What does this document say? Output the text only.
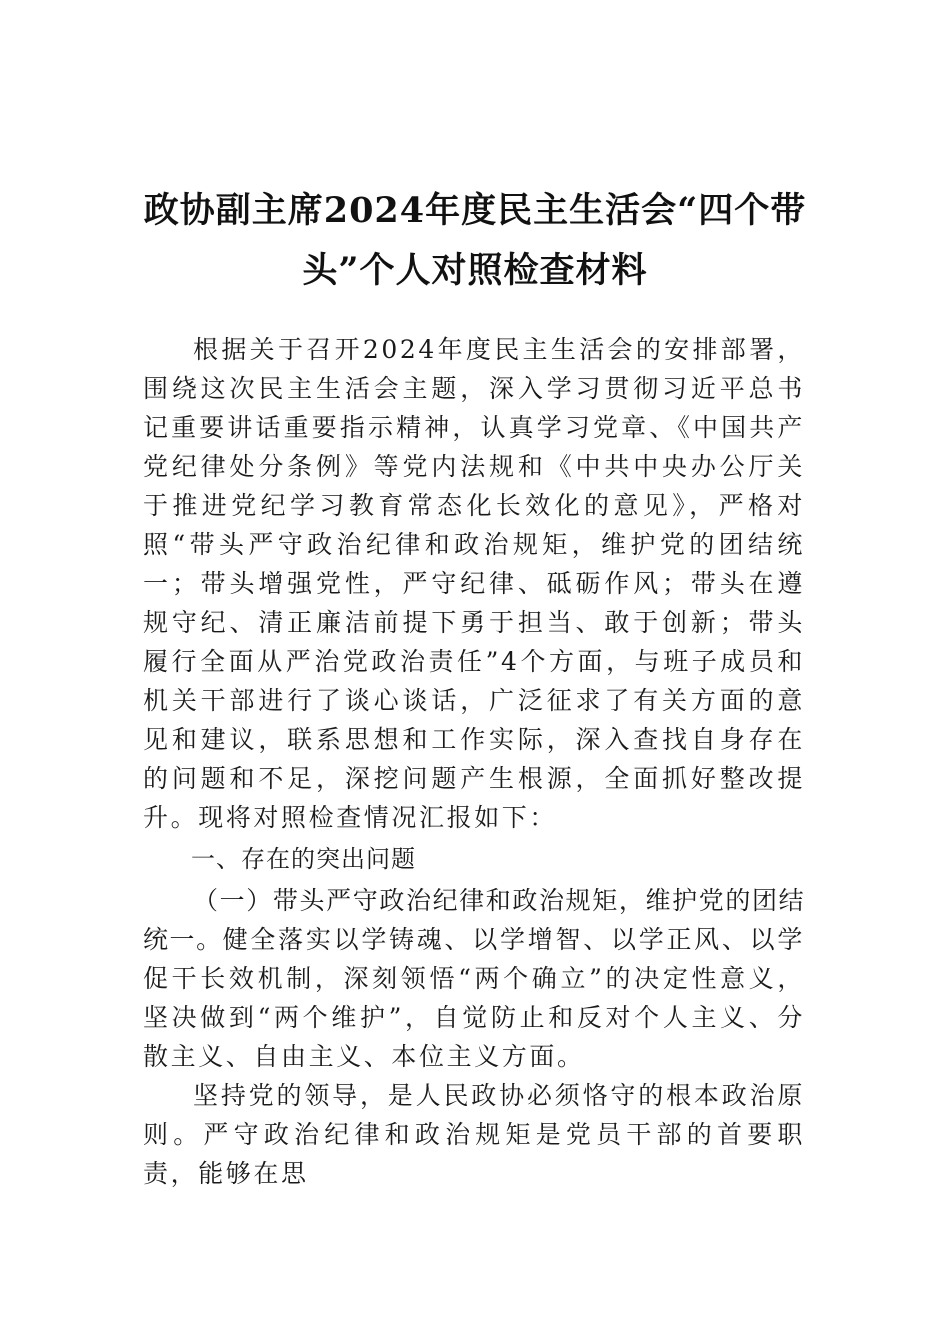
政协副主席2024年度民主生活会“四个带头”个人对照检查材料

根据关于召开2024年度民主生活会的安排部署，围绕这次民主生活会主题，深入学习贯彻习近平总书记重要讲话重要指示精神，认真学习党章、《中国共产党纪律处分条例》等党内法规和《中共中央办公厅关于推进党纪学习教育常态化长效化的意见》，严格对照“带头严守政治纪律和政治规矩，维护党的团结统一；带头增强党性，严守纪律、砥砺作风；带头在遵规守纪、清正廉洁前提下勇于担当、敢于创新；带头履行全面从严治党政治责任”4个方面，与班子成员和机关干部进行了谈心谈话，广泛征求了有关方面的意见和建议，联系思想和工作实际，深入查找自身存在的问题和不足，深挖问题产生根源，全面抓好整改提升。现将对照检查情况汇报如下：

一、存在的突出问题

（一）带头严守政治纪律和政治规矩，维护党的团结统一。健全落实以学铸魂、以学增智、以学正风、以学促干长效机制，深刻领悟“两个确立”的决定性意义，坚决做到“两个维护”，自觉防止和反对个人主义、分散主义、自由主义、本位主义方面。

坚持党的领导，是人民政协必须恪守的根本政治原则。严守政治纪律和政治规矩是党员干部的首要职责，能够在思
